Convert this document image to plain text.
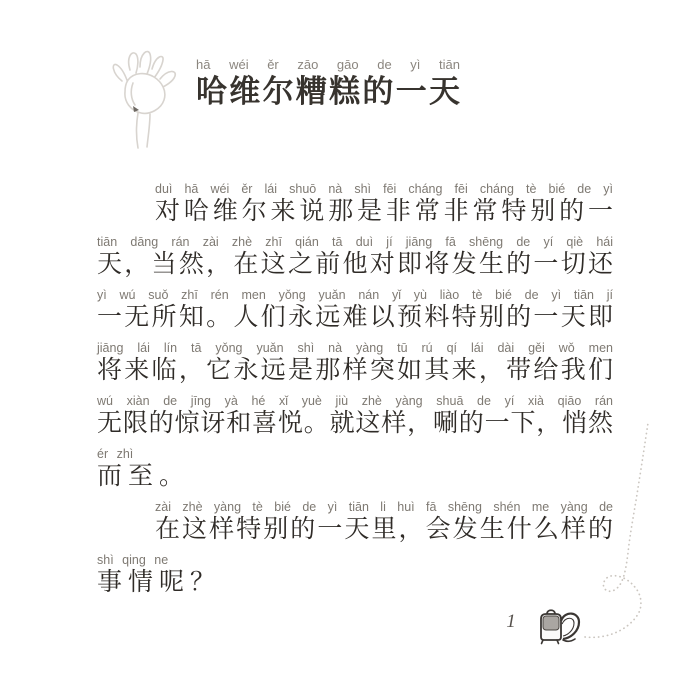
hā wéi ěr zāo gāo de yì tiān
哈维尔糟糕的一天
duì hā wéi ěr lái shuō nà shì fēi cháng fēi cháng tè bié de yì
对哈维尔来说那是非常非常特别的一
tiān dāng rán zài zhè zhī qián tā duì jí jiāng fā shēng de yí qiè hái
天，当然，在这之前他对即将发生的一切还
yì wú suǒ zhī rén men yǒng yuǎn nán yǐ yù liào tè bié de yì tiān jí
一无所知。人们永远难以预料特别的一天即
jiāng lái lín tā yǒng yuǎn shì nà yàng tū rú qí lái dài gěi wǒ men
将来临，它永远是那样突如其来，带给我们
wú xiàn de jīng yà hé xǐ yuè jiù zhè yàng shuā de yí xià qiāo rán
无限的惊讶和喜悦。就这样，唰的一下，悄然
ér zhì
而至。
zài zhè yàng tè bié de yì tiān li huì fā shēng shén me yàng de
在这样特别的一天里，会发生什么样的
shì qing ne
事情呢？
1
